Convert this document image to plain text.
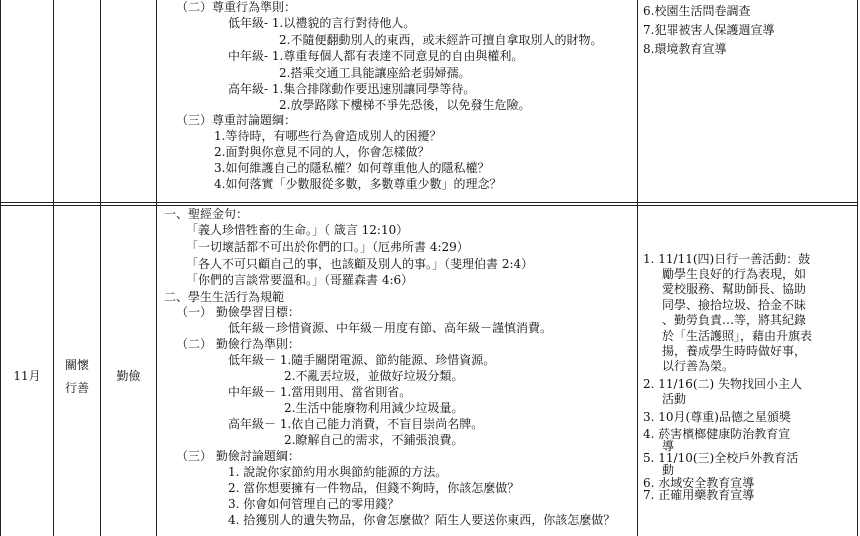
（二）尊重行為準則：
低年級- 1.以禮貌的言行對待他人。
2.不隨便翻動別人的東西，或未經許可擅自拿取別人的財物。
中年級- 1.尊重每個人都有表達不同意見的自由與權利。
2.搭乘交通工具能讓座給老弱婦孺。
高年級- 1.集合排隊動作要迅速別讓同學等待。
2.放學路隊下樓梯不爭先恐後，以免發生危險。
（三）尊重討論題綱：
1.等待時，有哪些行為會造成別人的困擾？
2.面對與你意見不同的人，你會怎樣做？
3.如何維護自己的隱私權？如何尊重他人的隱私權？
4.如何落實「少數服從多數，多數尊重少數」的理念？
6.校園生活問卷調查
7.犯罪被害人保護週宣導
8.環境教育宣導
11月
關懷
行善
勤儉
一、聖經金句：
「義人珍惜牲畜的生命。」（ 箴言 12:10）
「一切壞話都不可出於你們的口。」（厄弗所書 4:29）
「各人不可只顧自己的事，也該顧及別人的事。」（斐理伯書 2:4）
「你們的言談常要溫和。」（哥羅森書 4:6）
二、學生生活行為規範
（一） 勤儉學習目標：
低年級－珍惜資源、中年級－用度有節、高年級－謹慎消費。
（二） 勤儉行為準則：
低年級－ 1.隨手關閉電源、節約能源、珍惜資源。
2.不亂丟垃圾，並做好垃圾分類。
中年級－ 1.當用則用、當省則省。
2.生活中能廢物利用減少垃圾量。
高年級－ 1.依自己能力消費，不盲目崇尚名牌。
2.瞭解自己的需求，不鋪張浪費。
（三） 勤儉討論題綱：
1. 說說你家節約用水與節約能源的方法。
2. 當你想要擁有一件物品，但錢不夠時，你該怎麼做？
3. 你會如何管理自己的零用錢？
4. 拾獲別人的遺失物品，你會怎麼做？陌生人要送你東西，你該怎麼做？
1. 11/11(四)日行一善活動：鼓
勵學生良好的行為表現，如
愛校服務、幫助師長、協助
同學、撿拾垃圾、拾金不昧
、勤勞負責…等，將其紀錄
於「生活護照」，藉由升旗表
揚，養成學生時時做好事，
以行善為榮。
2. 11/16(二) 失物找回小主人
活動
3. 10月(尊重)品德之星頒獎
4. 菸害檳榔健康防治教育宣
導
5. 11/10(三)全校戶外教育活
動
6. 水域安全教育宣導
7. 正確用藥教育宣導
